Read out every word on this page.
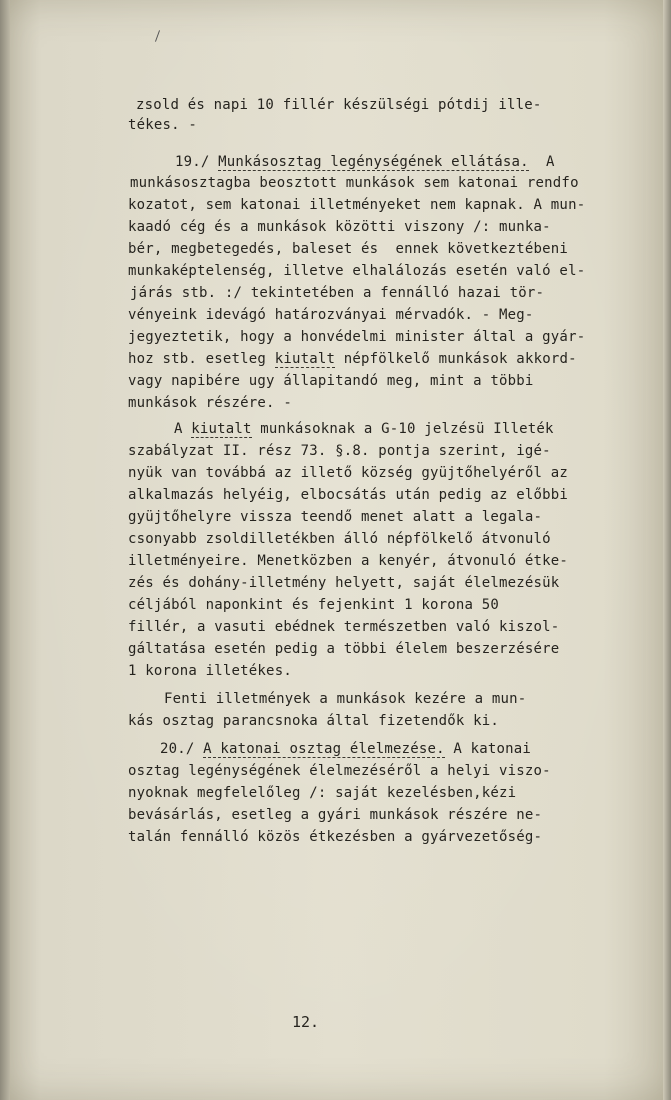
zsold és napi 10 fillér készülségi pótdij ille-
tékes. -
19./ Munkásosztag legénységének ellátása.  A
munkásosztagba beosztott munkások sem katonai rendfo
kozatot, sem katonai illetményeket nem kapnak. A mun-
kaadó cég és a munkások közötti viszony /: munka-
bér, megbetegedés, baleset és  ennek következtébeni
munkaképtelenség, illetve elhalálozás esetén való el-
járás stb. :/ tekintetében a fennálló hazai tör-
vényeink idevágó határozványai mérvadók. - Meg-
jegyeztetik, hogy a honvédelmi minister által a gyár-
hoz stb. esetleg kiutalt népfölkelő munkások akkord-
vagy napibére ugy állapitandó meg, mint a többi
munkások részére. -
A kiutalt munkásoknak a G-10 jelzésü Illeték
szabályzat II. rész 73. §.8. pontja szerint, igé-
nyük van továbbá az illető község gyüjtőhelyéről az
alkalmazás helyéig, elbocsátás után pedig az előbbi
gyüjtőhelyre vissza teendő menet alatt a legala-
csonyabb zsoldilletékben álló népfölkelő átvonuló
illetményeire. Menetközben a kenyér, átvonuló étke-
zés és dohány-illetmény helyett, saját élelmezésük
céljából naponkint és fejenkint 1 korona 50
fillér, a vasuti ebédnek természetben való kiszol-
gáltatása esetén pedig a többi élelem beszerzésére
1 korona illetékes.
Fenti illetmények a munkások kezére a mun-
kás osztag parancsnoka által fizetendők ki.
20./ A katonai osztag élelmezése. A katonai
osztag legénységének élelmezéséről a helyi viszo-
nyoknak megfelelőleg /: saját kezelésben,kézi
bevásárlás, esetleg a gyári munkások részére ne-
talán fennálló közös étkezésben a gyárvezetőség-
12.
